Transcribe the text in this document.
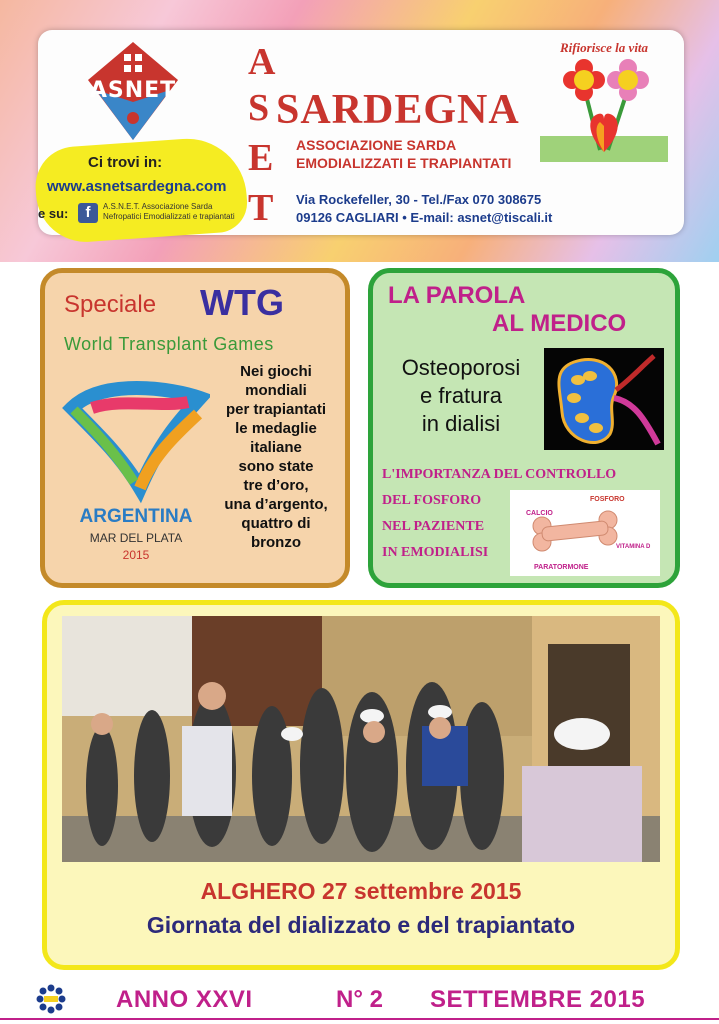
ASNET
Ci trovi in:
www.asnetsardegna.com
e su:	f	A.S.N.E.T. Associazione Sarda
Nefropatici Emodializzati e trapiantati
A
S
E
T
SARDEGNA
ASSOCIAZIONE SARDA
EMODIALIZZATI E TRAPIANTATI
Via Rockefeller, 30 - Tel./Fax 070 308675
09126 CAGLIARI • E-mail: asnet@tiscali.it
Rifiorisce la vita
Speciale WTG
World Transplant Games
ARGENTINA
MAR DEL PLATA
2015
Nei giochi
mondiali
per trapiantati
le medaglie
italiane
sono state
tre d’oro,
una d’argento,
quattro di
bronzo
LA PAROLA
AL MEDICO
Osteoporosi
e fratura
in dialisi
L'IMPORTANZA DEL CONTROLLO
DEL FOSFORO
NEL PAZIENTE
IN EMODIALISI
CALCIO
FOSFORO
VITAMINA D
PARATORMONE
ALGHERO 27 settembre 2015
Giornata del dializzato e del trapiantato
ANNO XXVI	N° 2 SETTEMBRE 2015
